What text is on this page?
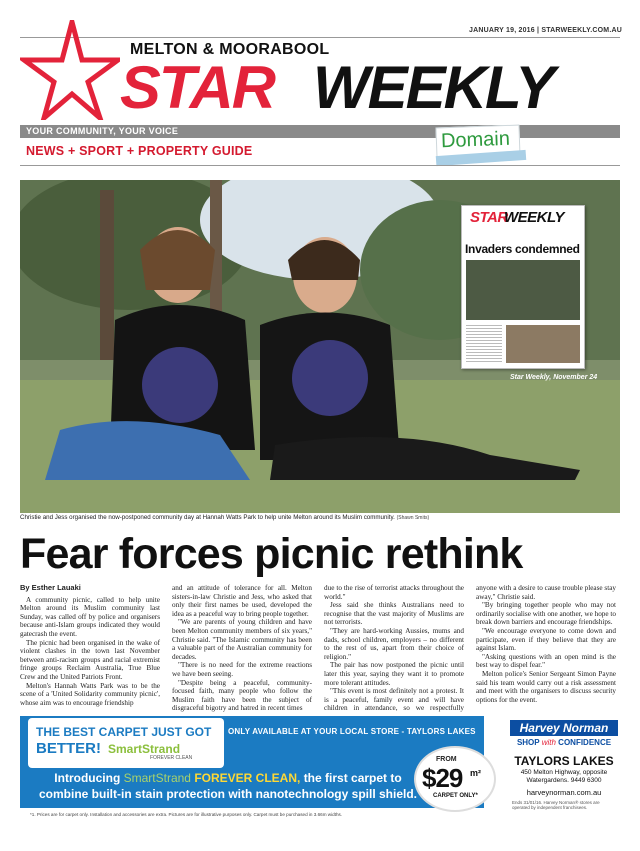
JANUARY 19, 2016 | STARWEEKLY.COM.AU
MELTON & MOORABOOL
STAR WEEKLY
YOUR COMMUNITY, YOUR VOICE
NEWS + SPORT + PROPERTY GUIDE	Domain
STAR
WEEKLY
Invaders condemned
Star Weekly, November 24
Christie and Jess organised the now-postponed community day at Hannah Watts Park to help unite Melton around its Muslim community. (Shawn Smits)
Fear forces picnic rethink
By Esther Lauaki

A community picnic, called to help unite Melton around its Muslim community last Sunday, was called off by police and organisers because anti-Islam groups indicated they would gatecrash the event.

The picnic had been organised in the wake of violent clashes in the town last November between anti-racism groups and racial extremist fringe groups Reclaim Australia, True Blue Crew and the United Patriots Front.

Melton's Hannah Watts Park was to be the scene of a 'United Solidarity community picnic', whose aim was to encourage friendship

and an attitude of tolerance for all. Melton sisters-in-law Christie and Jess, who asked that only their first names be used, developed the idea as a peaceful way to bring people together.

"We are parents of young children and have been Melton community members of six years," Christie said. "The Islamic community has been a valuable part of the Australian community for decades.

"There is no need for the extreme reactions we have been seeing.

"Despite being a peaceful, community-focused faith, many people who follow the Muslim faith have been the subject of disgraceful bigotry and hatred in recent times

due to the rise of terrorist attacks throughout the world."

Jess said she thinks Australians need to recognise that the vast majority of Muslims are not terrorists.

"They are hard-working Aussies, mums and dads, school children, employers – no different to the rest of us, apart from their choice of religion."

The pair has now postponed the picnic until later this year, saying they want it to promote more tolerant attitudes.

"This event is most definitely not a protest. It is a peaceful, family event and will have children in attendance, so we respectfully

anyone with a desire to cause trouble please stay away," Christie said.

"By bringing together people who may not ordinarily socialise with one another, we hope to break down barriers and encourage friendships.

"We encourage everyone to come down and participate, even if they believe that they are against Islam.

"Asking questions with an open mind is the best way to dispel fear."

Melton police's Senior Sergeant Simon Payne said his team would carry out a risk assessment and meet with the organisers to discuss security options for the event.

THE BEST CARPET JUST GOT
BETTER! SmartStrand
FOREVER CLEAN
ONLY AVAILABLE AT YOUR LOCAL STORE - TAYLORS LAKES
Introducing SmartStrand FOREVER CLEAN, the first carpet to combine built-in stain protection with nanotechnology spill shield.
FROM
$29 m²
CARPET ONLY*
*1. Prices are for carpet only. Installation and accessories are extra. Pictures are for illustrative purposes only. Carpet must be purchased in 3.66m widths.
Harvey Norman
SHOP with CONFIDENCE
TAYLORS LAKES
450 Melton Highway, opposite Watergardens. 9449 6300
harveynorman.com.au
Ends 31/01/16. Harvey Norman® stores are operated by independent franchisees.
